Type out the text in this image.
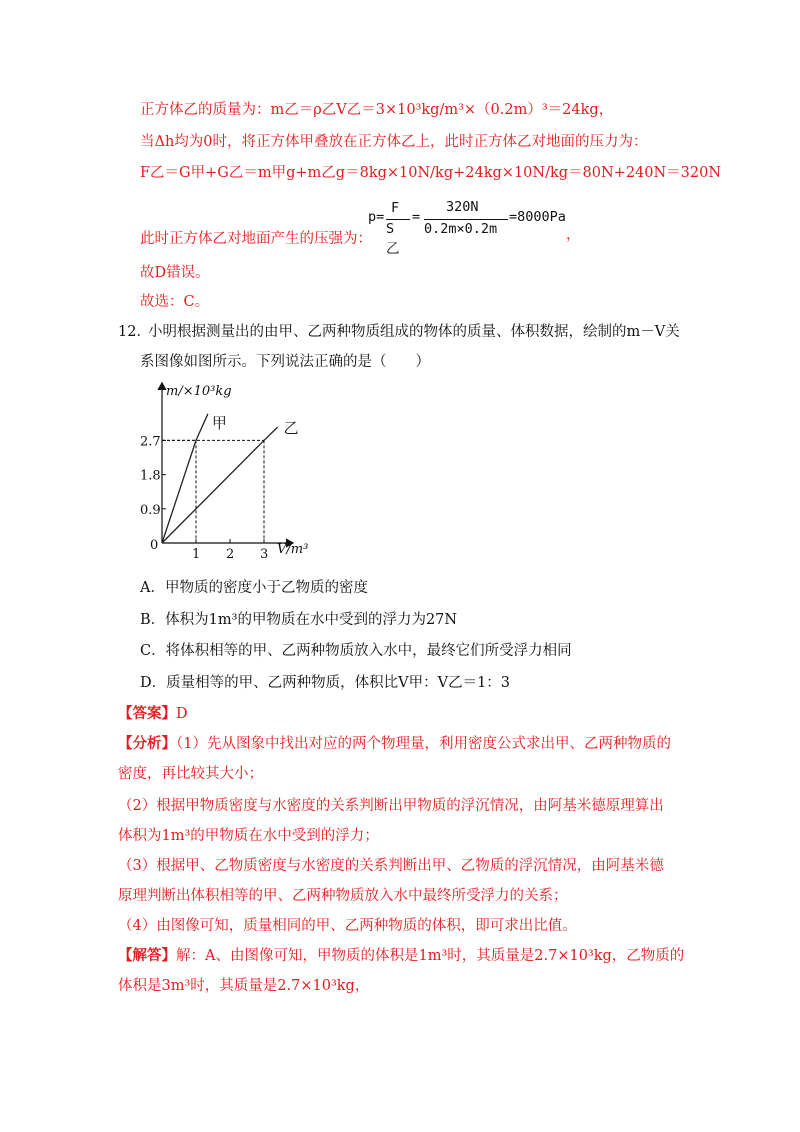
正方体乙的质量为：m乙＝ρ乙V乙＝3×10³kg/m³×（0.2m）³＝24kg，
当Δh均为0时，将正方体甲叠放在正方体乙上，此时正方体乙对地面的压力为：
F乙＝G甲+G乙＝m甲g+m乙g＝8kg×10N/kg+24kg×10N/kg＝80N+240N＝320N
此时正方体乙对地面产生的压强为：
p=
F
S乙
=
320N
0.2m×0.2m
=8000Pa
，
故D错误。
故选：C。
12．
小明根据测量出的由甲、乙两种物质组成的物体的质量、体积数据，绘制的m－V关
系图像如图所示。下列说法正确的是（　　）
甲	乙
1 2 3
0.9
1.8
2.7
0
m/×10³kg
V/m³
A．甲物质的密度小于乙物质的密度
B．体积为1m³的甲物质在水中受到的浮力为27N
C．将体积相等的甲、乙两种物质放入水中，最终它们所受浮力相同
D．质量相等的甲、乙两种物质，体积比V甲：V乙＝1：3
【答案】D
【分析】（1）先从图象中找出对应的两个物理量，利用密度公式求出甲、乙两种物质的
密度，再比较其大小；
（2）根据甲物质密度与水密度的关系判断出甲物质的浮沉情况，由阿基米德原理算出
体积为1m³的甲物质在水中受到的浮力；
（3）根据甲、乙物质密度与水密度的关系判断出甲、乙物质的浮沉情况，由阿基米德
原理判断出体积相等的甲、乙两种物质放入水中最终所受浮力的关系；
（4）由图像可知，质量相同的甲、乙两种物质的体积，即可求出比值。
【解答】解：A、由图像可知，甲物质的体积是1m³时，其质量是2.7×10³kg，乙物质的
体积是3m³时，其质量是2.7×10³kg，
